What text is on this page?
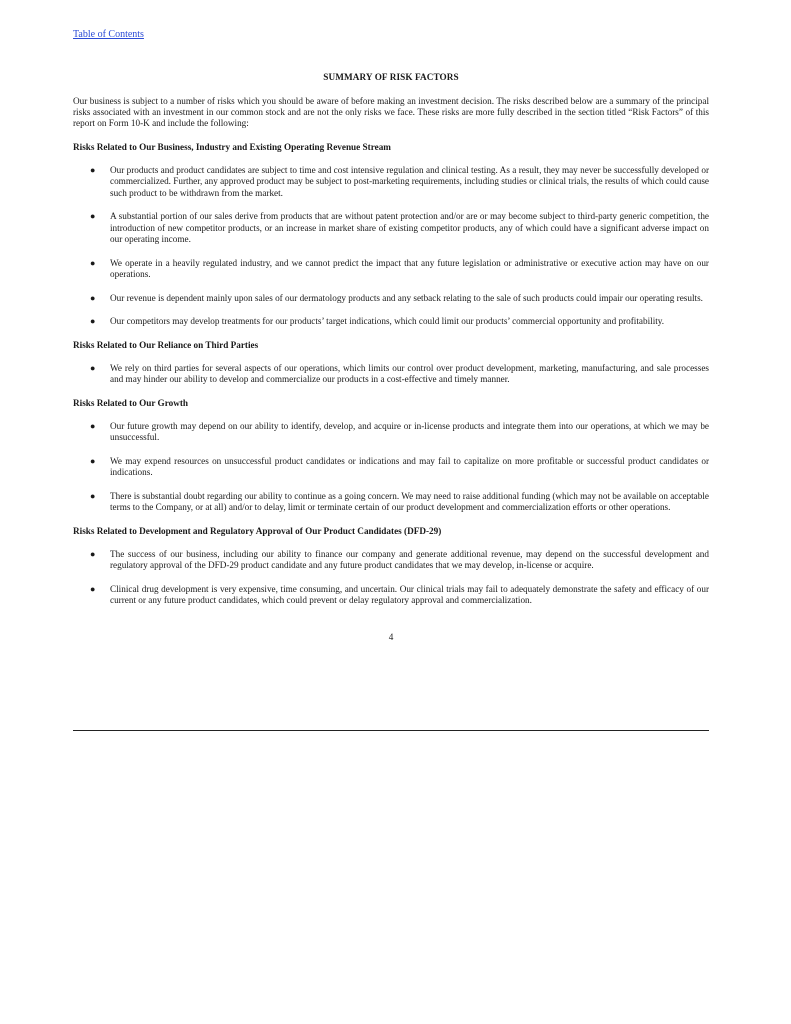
Table of Contents
SUMMARY OF RISK FACTORS

Our business is subject to a number of risks which you should be aware of before making an investment decision. The risks described below are a summary of the principal risks associated with an investment in our common stock and are not the only risks we face. These risks are more fully described in the section titled “Risk Factors” of this report on Form 10-K and include the following:

Risks Related to Our Business, Industry and Existing Operating Revenue Stream
● Our products and product candidates are subject to time and cost intensive regulation and clinical testing. As a result, they may never be successfully developed or commercialized. Further, any approved product may be subject to post-marketing requirements, including studies or clinical trials, the results of which could cause such product to be withdrawn from the market.
● A substantial portion of our sales derive from products that are without patent protection and/or are or may become subject to third-party generic competition, the introduction of new competitor products, or an increase in market share of existing competitor products, any of which could have a significant adverse impact on our operating income.
● We operate in a heavily regulated industry, and we cannot predict the impact that any future legislation or administrative or executive action may have on our operations.
● Our revenue is dependent mainly upon sales of our dermatology products and any setback relating to the sale of such products could impair our operating results.
● Our competitors may develop treatments for our products’ target indications, which could limit our products’ commercial opportunity and profitability.
Risks Related to Our Reliance on Third Parties
● We rely on third parties for several aspects of our operations, which limits our control over product development, marketing, manufacturing, and sale processes and may hinder our ability to develop and commercialize our products in a cost-effective and timely manner.
Risks Related to Our Growth
● Our future growth may depend on our ability to identify, develop, and acquire or in-license products and integrate them into our operations, at which we may be unsuccessful.
● We may expend resources on unsuccessful product candidates or indications and may fail to capitalize on more profitable or successful product candidates or indications.
● There is substantial doubt regarding our ability to continue as a going concern. We may need to raise additional funding (which may not be available on acceptable terms to the Company, or at all) and/or to delay, limit or terminate certain of our product development and commercialization efforts or other operations.
Risks Related to Development and Regulatory Approval of Our Product Candidates (DFD-29)
● The success of our business, including our ability to finance our company and generate additional revenue, may depend on the successful development and regulatory approval of the DFD-29 product candidate and any future product candidates that we may develop, in-license or acquire.
● Clinical drug development is very expensive, time consuming, and uncertain. Our clinical trials may fail to adequately demonstrate the safety and efficacy of our current or any future product candidates, which could prevent or delay regulatory approval and commercialization.
4
